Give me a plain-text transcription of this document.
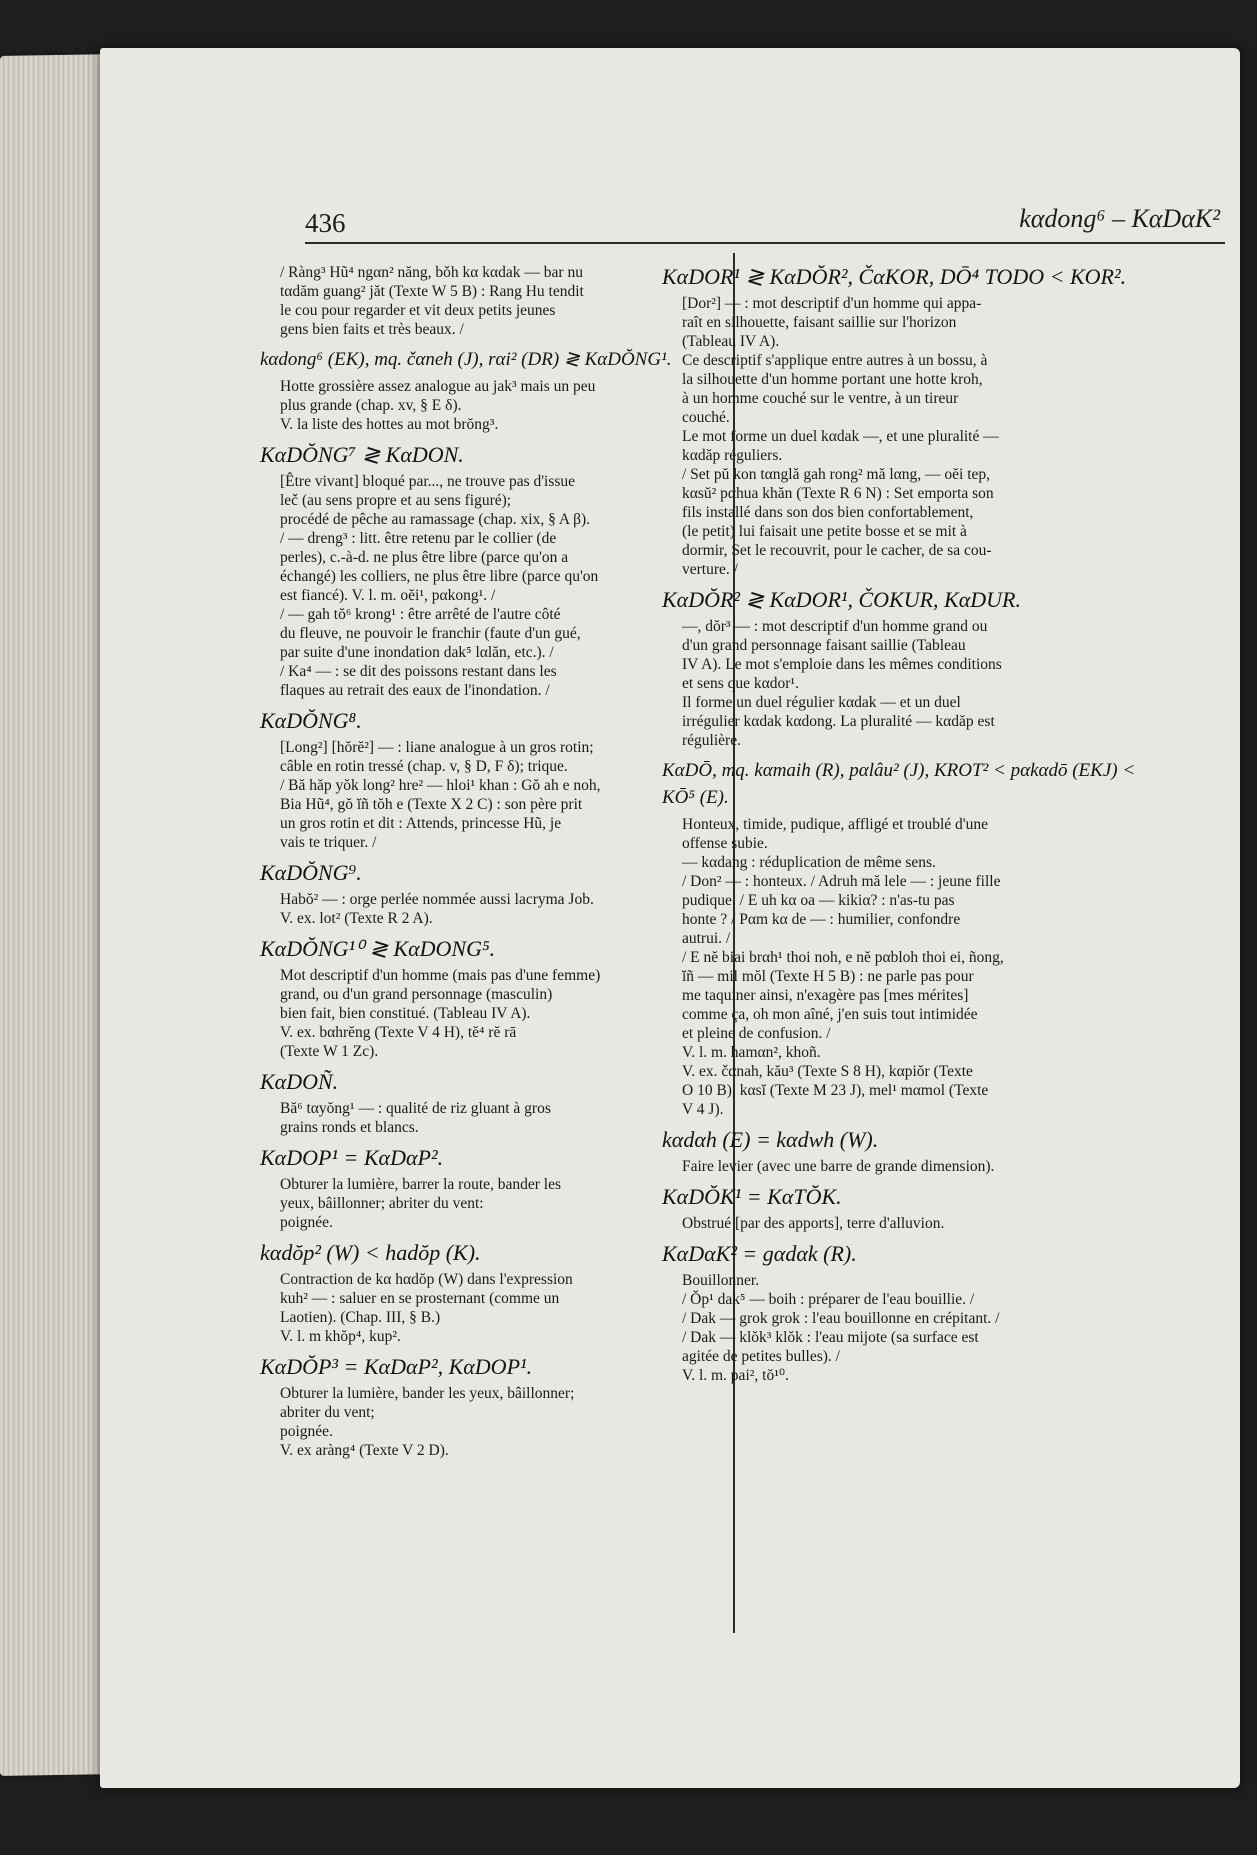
436	kαdong⁶ – KαDαK²
/ Ràng³ Hũ⁴ ngαn² năng, bǒh kα kαdak — bar nu
tαdăm guang² jăt (Texte W 5 B) : Rang Hu tendit
le cou pour regarder et vit deux petits jeunes
gens bien faits et très beaux. /
kαdong⁶ (EK), mq. čαneh (J), rαi² (DR) ≷ KαDŎNG¹.
Hotte grossière assez analogue au jak³ mais un peu
plus grande (chap. xv, § E δ).
V. la liste des hottes au mot brŏng³.
KαDŎNG⁷ ≷ KαDON.
[Être vivant] bloqué par..., ne trouve pas d'issue
leč (au sens propre et au sens figuré);
procédé de pêche au ramassage (chap. xix, § A β).
/ — dreng³ : litt. être retenu par le collier (de
perles), c.-à-d. ne plus être libre (parce qu'on a
échangé) les colliers, ne plus être libre (parce qu'on
est fiancé). V. l. m. oĕi¹, pαkong¹. /
/ — gah tŏ⁶ krong¹ : être arrêté de l'autre côté
du fleuve, ne pouvoir le franchir (faute d'un gué,
par suite d'une inondation dak⁵ lαlăn, etc.). /
/ Ka⁴ — : se dit des poissons restant dans les
flaques au retrait des eaux de l'inondation. /
KαDŎNG⁸.
[Long²] [hŏrĕ²] — : liane analogue à un gros rotin;
câble en rotin tressé (chap. v, § D, F δ); trique.
/ Bă hăp yŏk long² hre² — hloi¹ khan : Gŏ ah e noh,
Bia Hũ⁴, gŏ ĭñ tŏh e (Texte X 2 C) : son père prit
un gros rotin et dit : Attends, princesse Hũ, je
vais te triquer. /
KαDŎNG⁹.
Habŏ² — : orge perlée nommée aussi lacryma Job.
V. ex. lot² (Texte R 2 A).
KαDŎNG¹⁰ ≷ KαDONG⁵.
Mot descriptif d'un homme (mais pas d'une femme)
grand, ou d'un grand personnage (masculin)
bien fait, bien constitué. (Tableau IV A).
V. ex. bαhrĕng (Texte V 4 H), tĕ⁴ rĕ rā
(Texte W 1 Zc).
KαDOÑ.
Bă⁶ tαyŏng¹ — : qualité de riz gluant à gros
grains ronds et blancs.
KαDOP¹ = KαDαP².
Obturer la lumière, barrer la route, bander les
yeux, bâillonner; abriter du vent:
poignée.
kαdŏp² (W) < hadŏp (K).
Contraction de kα hαdŏp (W) dans l'expression
kuh² — : saluer en se prosternant (comme un
Laotien). (Chap. III, § B.)
V. l. m khŏp⁴, kup².
KαDŎP³ = KαDαP², KαDOP¹.
Obturer la lumière, bander les yeux, bâillonner;
abriter du vent;
poignée.
V. ex aràng⁴ (Texte V 2 D).
KαDOR¹ ≷ KαDŎR², ČαKOR, DŌ⁴ TODO < KOR².
[Dor²] — : mot descriptif d'un homme qui appa-
raît en silhouette, faisant saillie sur l'horizon
(Tableau IV A).
Ce descriptif s'applique entre autres à un bossu, à
la silhouette d'un homme portant une hotte kroh,
à un homme couché sur le ventre, à un tireur
couché.
Le mot forme un duel kαdak —, et une pluralité —
kαdăp réguliers.
/ Set pŭ kon tαnglă gah rong² mă lαng, — oĕi tep,
kαsŭ² pαhua khăn (Texte R 6 N) : Set emporta son
fils installé dans son dos bien confortablement,
(le petit) lui faisait une petite bosse et se mit à
dormir, Set le recouvrit, pour le cacher, de sa cou-
verture. /
KαDŎR² ≷ KαDOR¹, ČOKUR, KαDUR.
—, dŏr³ — : mot descriptif d'un homme grand ou
d'un grand personnage faisant saillie (Tableau
IV A). Le mot s'emploie dans les mêmes conditions
et sens que kαdor¹.
Il forme un duel régulier kαdak — et un duel
irrégulier kαdak kαdong. La pluralité — kαdăp est
régulière.
KαDŌ, mq. kαmaih (R), pαlâu² (J), KROT² < pαkαdō (EKJ) < KŌ⁵ (E).
Honteux, timide, pudique, affligé et troublé d'une
offense subie.
— kαdang : réduplication de même sens.
/ Don² — : honteux. / Adruh mă lele — : jeune fille
pudique. / E uh kα oa — kikiα? : n'as-tu pas
honte ? / Pαm kα de — : humilier, confondre
autrui. /
/ E nĕ biai brαh¹ thoi noh, e nĕ pαbloh thoi ei, ñong,
ĭñ — mil mŏl (Texte H 5 B) : ne parle pas pour
me taquiner ainsi, n'exagère pas [mes mérites]
comme ça, oh mon aîné, j'en suis tout intimidée
et pleine de confusion. /
V. l. m. hamαn², khoñ.
V. ex. čαnah, kău³ (Texte S 8 H), kαpiŏr (Texte
O 10 B), kαsĭ (Texte M 23 J), mel¹ mαmol (Texte
V 4 J).
kαdαh (E) = kαdwh (W).
Faire levier (avec une barre de grande dimension).
KαDŎK¹ = KαTŎK.
Obstrué [par des apports], terre d'alluvion.
KαDαK² = gαdαk (R).
Bouillonner.
/ Ŏp¹ dak⁵ — boih : préparer de l'eau bouillie. /
/ Dak — grok grok : l'eau bouillonne en crépitant. /
/ Dak — klŏk³ klŏk : l'eau mijote (sa surface est
agitée de petites bulles). /
V. l. m. pai², tŏ¹⁰.
